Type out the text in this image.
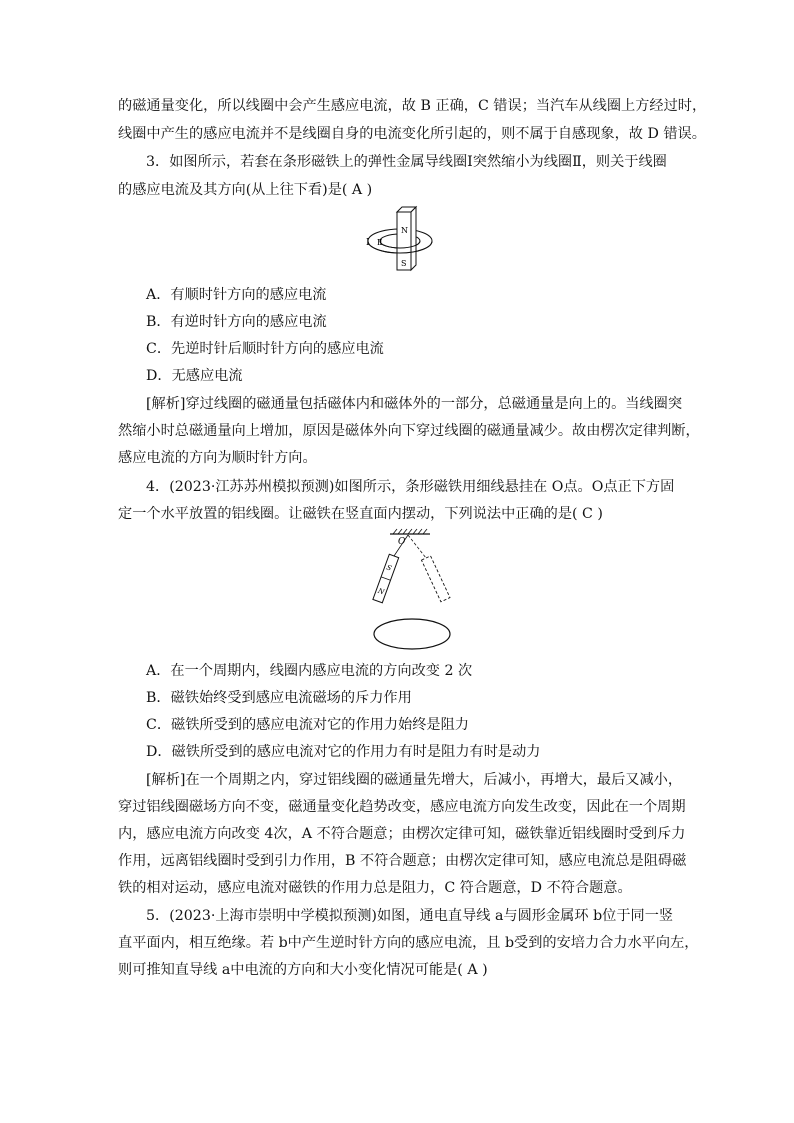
的磁通量变化，所以线圈中会产生感应电流，故 B 正确，C 错误；当汽车从线圈上方经过时，
线圈中产生的感应电流并不是线圈自身的电流变化所引起的，则不属于自感现象，故 D 错误。
3．如图所示，若套在条形磁铁上的弹性金属导线圈Ⅰ突然缩小为线圈Ⅱ，则关于线圈
的感应电流及其方向(从上往下看)是( A )
Ⅰ Ⅱ
N
S
A．有顺时针方向的感应电流
B．有逆时针方向的感应电流
C．先逆时针后顺时针方向的感应电流
D．无感应电流
[解析]穿过线圈的磁通量包括磁体内和磁体外的一部分，总磁通量是向上的。当线圈突
然缩小时总磁通量向上增加，原因是磁体外向下穿过线圈的磁通量减少。故由楞次定律判断，
感应电流的方向为顺时针方向。
4．(2023·江苏苏州模拟预测)如图所示，条形磁铁用细线悬挂在 O点。O点正下方固
定一个水平放置的铝线圈。让磁铁在竖直面内摆动，下列说法中正确的是( C )
O
S
N
A．在一个周期内，线圈内感应电流的方向改变 2 次
B．磁铁始终受到感应电流磁场的斥力作用
C．磁铁所受到的感应电流对它的作用力始终是阻力
D．磁铁所受到的感应电流对它的作用力有时是阻力有时是动力
[解析]在一个周期之内，穿过铝线圈的磁通量先增大，后减小，再增大，最后又减小，
穿过铝线圈磁场方向不变，磁通量变化趋势改变，感应电流方向发生改变，因此在一个周期
内，感应电流方向改变 4次，A 不符合题意；由楞次定律可知，磁铁靠近铝线圈时受到斥力
作用，远离铝线圈时受到引力作用，B 不符合题意；由楞次定律可知，感应电流总是阻碍磁
铁的相对运动，感应电流对磁铁的作用力总是阻力，C 符合题意，D 不符合题意。
5．(2023·上海市崇明中学模拟预测)如图，通电直导线 a与圆形金属环 b位于同一竖
直平面内，相互绝缘。若 b中产生逆时针方向的感应电流，且 b受到的安培力合力水平向左，
则可推知直导线 a中电流的方向和大小变化情况可能是( A )
